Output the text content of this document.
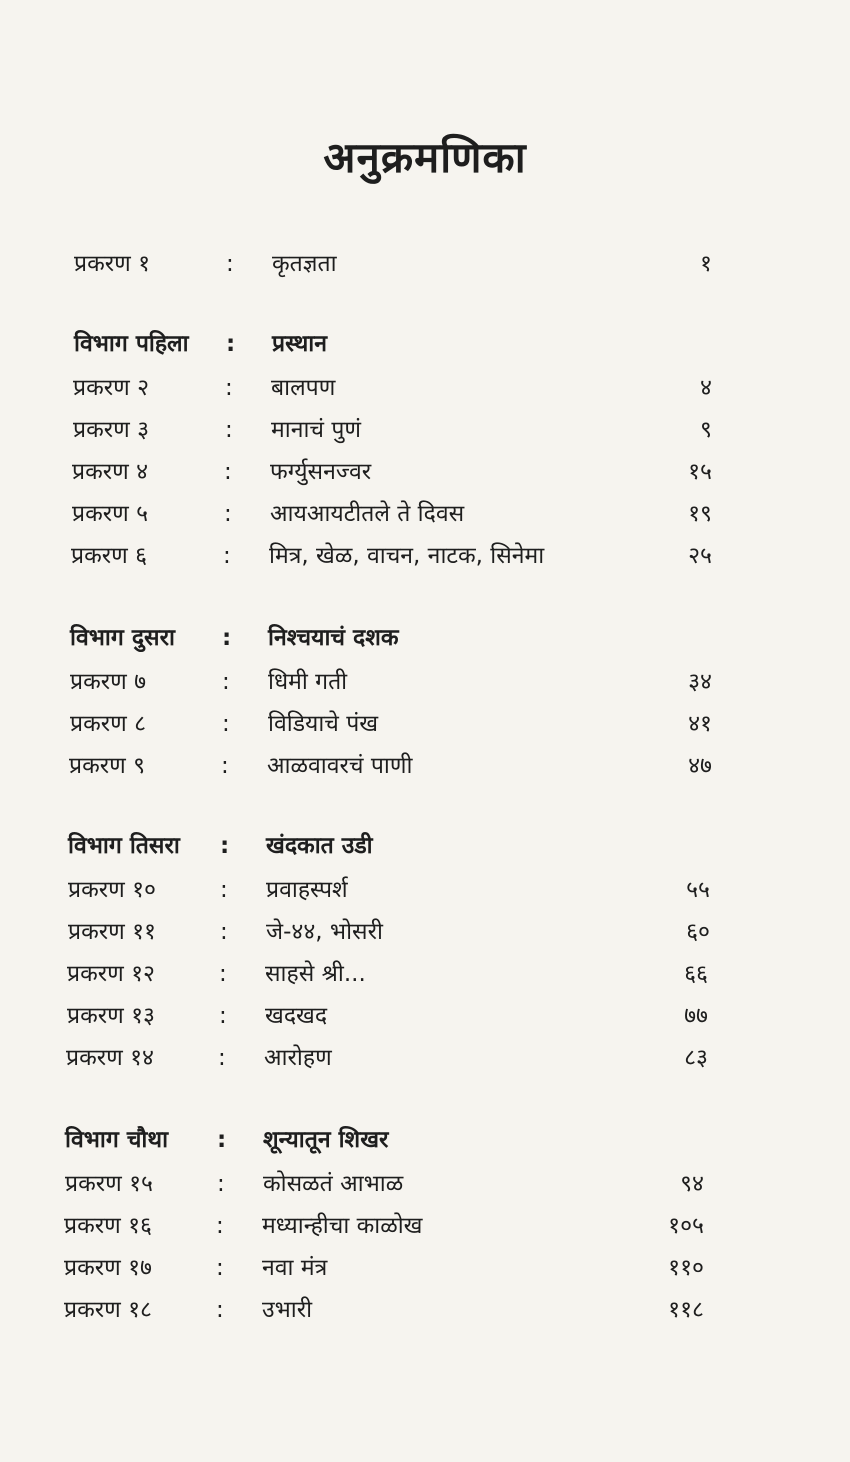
अनुक्रमणिका
प्रकरण १	: कृतज्ञता	१
विभाग पहिला : प्रस्थान
प्रकरण २	: बालपण	४
प्रकरण ३	: मानाचं पुणं	९
प्रकरण ४	: फर्ग्युसनज्वर	१५
प्रकरण ५	: आयआयटीतले ते दिवस	१९
प्रकरण ६	: मित्र, खेळ, वाचन, नाटक, सिनेमा	२५
विभाग दुसरा : निश्चयाचं दशक
प्रकरण ७	: धिमी गती	३४
प्रकरण ८	: विडियाचे पंख	४१
प्रकरण ९	: आळवावरचं पाणी	४७
विभाग तिसरा : खंदकात उडी
प्रकरण १०	: प्रवाहस्पर्श	५५
प्रकरण ११	: जे-४४, भोसरी	६०
प्रकरण १२	: साहसे श्री...	६६
प्रकरण १३	: खदखद	७७
प्रकरण १४	: आरोहण	८३
विभाग चौथा : शून्यातून शिखर
प्रकरण १५	: कोसळतं आभाळ	९४
प्रकरण १६	: मध्यान्हीचा काळोख	१०५
प्रकरण १७	: नवा मंत्र	११०
प्रकरण १८	: उभारी	११८
